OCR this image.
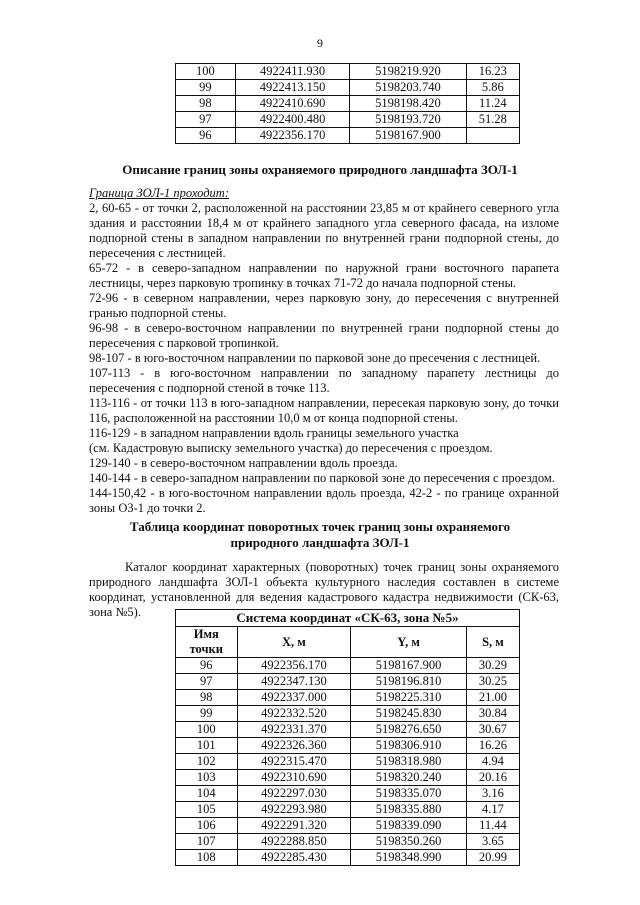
9
100	4922411.930	5198219.920	16.23
99	4922413.150	5198203.740	5.86
98	4922410.690	5198198.420	11.24
97	4922400.480	5198193.720	51.28
96	4922356.170	5198167.900	
Описание границ зоны охраняемого природного ландшафта ЗОЛ-1

Граница ЗОЛ-1 проходит:

2, 60-65 - от точки 2, расположенной на расстоянии 23,85 м от крайнего северного угла здания и расстоянии 18,4 м от крайнего западного угла северного фасада, на изломе подпорной стены в западном направлении по внутренней грани подпорной стены, до пересечения с лестницей.

65-72 - в северо-западном направлении по наружной грани восточного парапета лестницы, через парковую тропинку в точках 71-72 до начала подпорной стены.

72-96 - в северном направлении, через парковую зону, до пересечения с внутренней гранью подпорной стены.

96-98 - в северо-восточном направлении по внутренней грани подпорной стены до пересечения с парковой тропинкой.

98-107 - в юго-восточном направлении по парковой зоне до пресечения с лестницей.

107-113 - в юго-восточном направлении по западному парапету лестницы до пересечения с подпорной стеной в точке 113.

113-116 - от точки 113 в юго-западном направлении, пересекая парковую зону, до точки 116, расположенной на расстоянии 10,0 м от конца подпорной стены.

116-129 - в западном направлении вдоль границы земельного участка

(см. Кадастровую выписку земельного участка) до пересечения с проездом.

129-140 - в северо-восточном направлении вдоль проезда.

140-144 - в северо-западном направлении по парковой зоне до пересечения с проездом.

144-150,42 - в юго-восточном направлении вдоль проезда, 42-2 - по границе охранной зоны ОЗ-1 до точки 2.

Таблица координат поворотных точек границ зоны охраняемого природного ландшафта ЗОЛ-1

Каталог координат характерных (поворотных) точек границ зоны охраняемого природного ландшафта ЗОЛ-1 объекта культурного наследия составлен в системе координат, установленной для ведения кадастрового кадастра недвижимости (СК-63, зона №5).	Система координат «СК-63, зона №5»			
Имя точки	X, м	Y, м	S, м
96	4922356.170	5198167.900	30.29
97	4922347.130	5198196.810	30.25
98	4922337.000	5198225.310	21.00
99	4922332.520	5198245.830	30.84
100	4922331.370	5198276.650	30.67
101	4922326.360	5198306.910	16.26
102	4922315.470	5198318.980	4.94
103	4922310.690	5198320.240	20.16
104	4922297.030	5198335.070	3.16
105	4922293.980	5198335.880	4.17
106	4922291.320	5198339.090	11.44
107	4922288.850	5198350.260	3.65
108	4922285.430	5198348.990	20.99
